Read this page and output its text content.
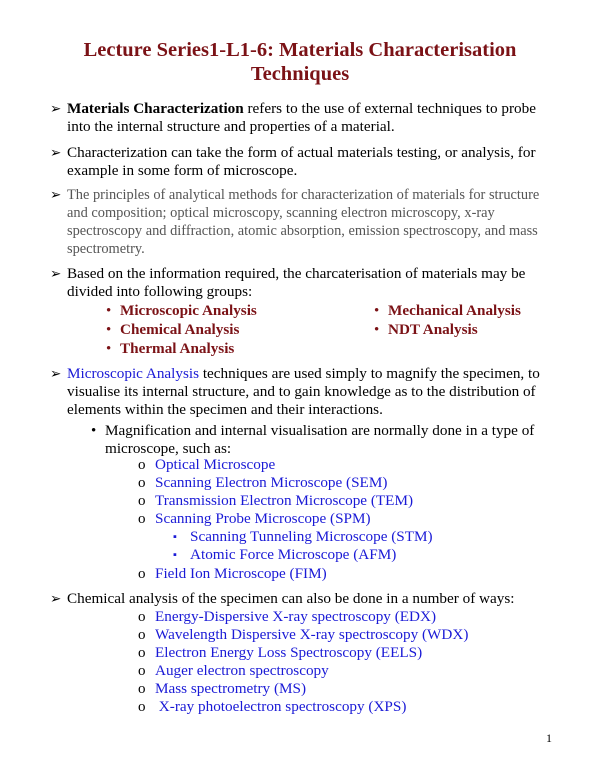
Lecture Series1-L1-6: Materials Characterisation
Techniques
➢ Materials Characterization refers to the use of external techniques to probe into the internal structure and properties of a material.
➢ Characterization can take the form of actual materials testing, or analysis, for example in some form of microscope.
➢ The principles of analytical methods for characterization of materials for structure and composition; optical microscopy, scanning electron microscopy, x-ray spectroscopy and diffraction, atomic absorption, emission spectroscopy, and mass spectrometry.
➢ Based on the information required, the charcaterisation of materials may be divided into following groups:
• Microscopic Analysis
• Chemical Analysis
• Thermal Analysis
• Mechanical Analysis
• NDT Analysis
➢ Microscopic Analysis techniques are used simply to magnify the specimen, to visualise its internal structure, and to gain knowledge as to the distribution of elements within the specimen and their interactions.
• Magnification and internal visualisation are normally done in a type of microscope, such as:
o Optical Microscope
o Scanning Electron Microscope (SEM)
o Transmission Electron Microscope (TEM)
o Scanning Probe Microscope (SPM)
▪ Scanning Tunneling Microscope (STM)
▪ Atomic Force Microscope (AFM)
o Field Ion Microscope (FIM)
➢ Chemical analysis of the specimen can also be done in a number of ways:
o Energy-Dispersive X-ray spectroscopy (EDX)
o Wavelength Dispersive X-ray spectroscopy (WDX)
o Electron Energy Loss Spectroscopy (EELS)
o Auger electron spectroscopy
o Mass spectrometry (MS)
o X-ray photoelectron spectroscopy (XPS)
1
